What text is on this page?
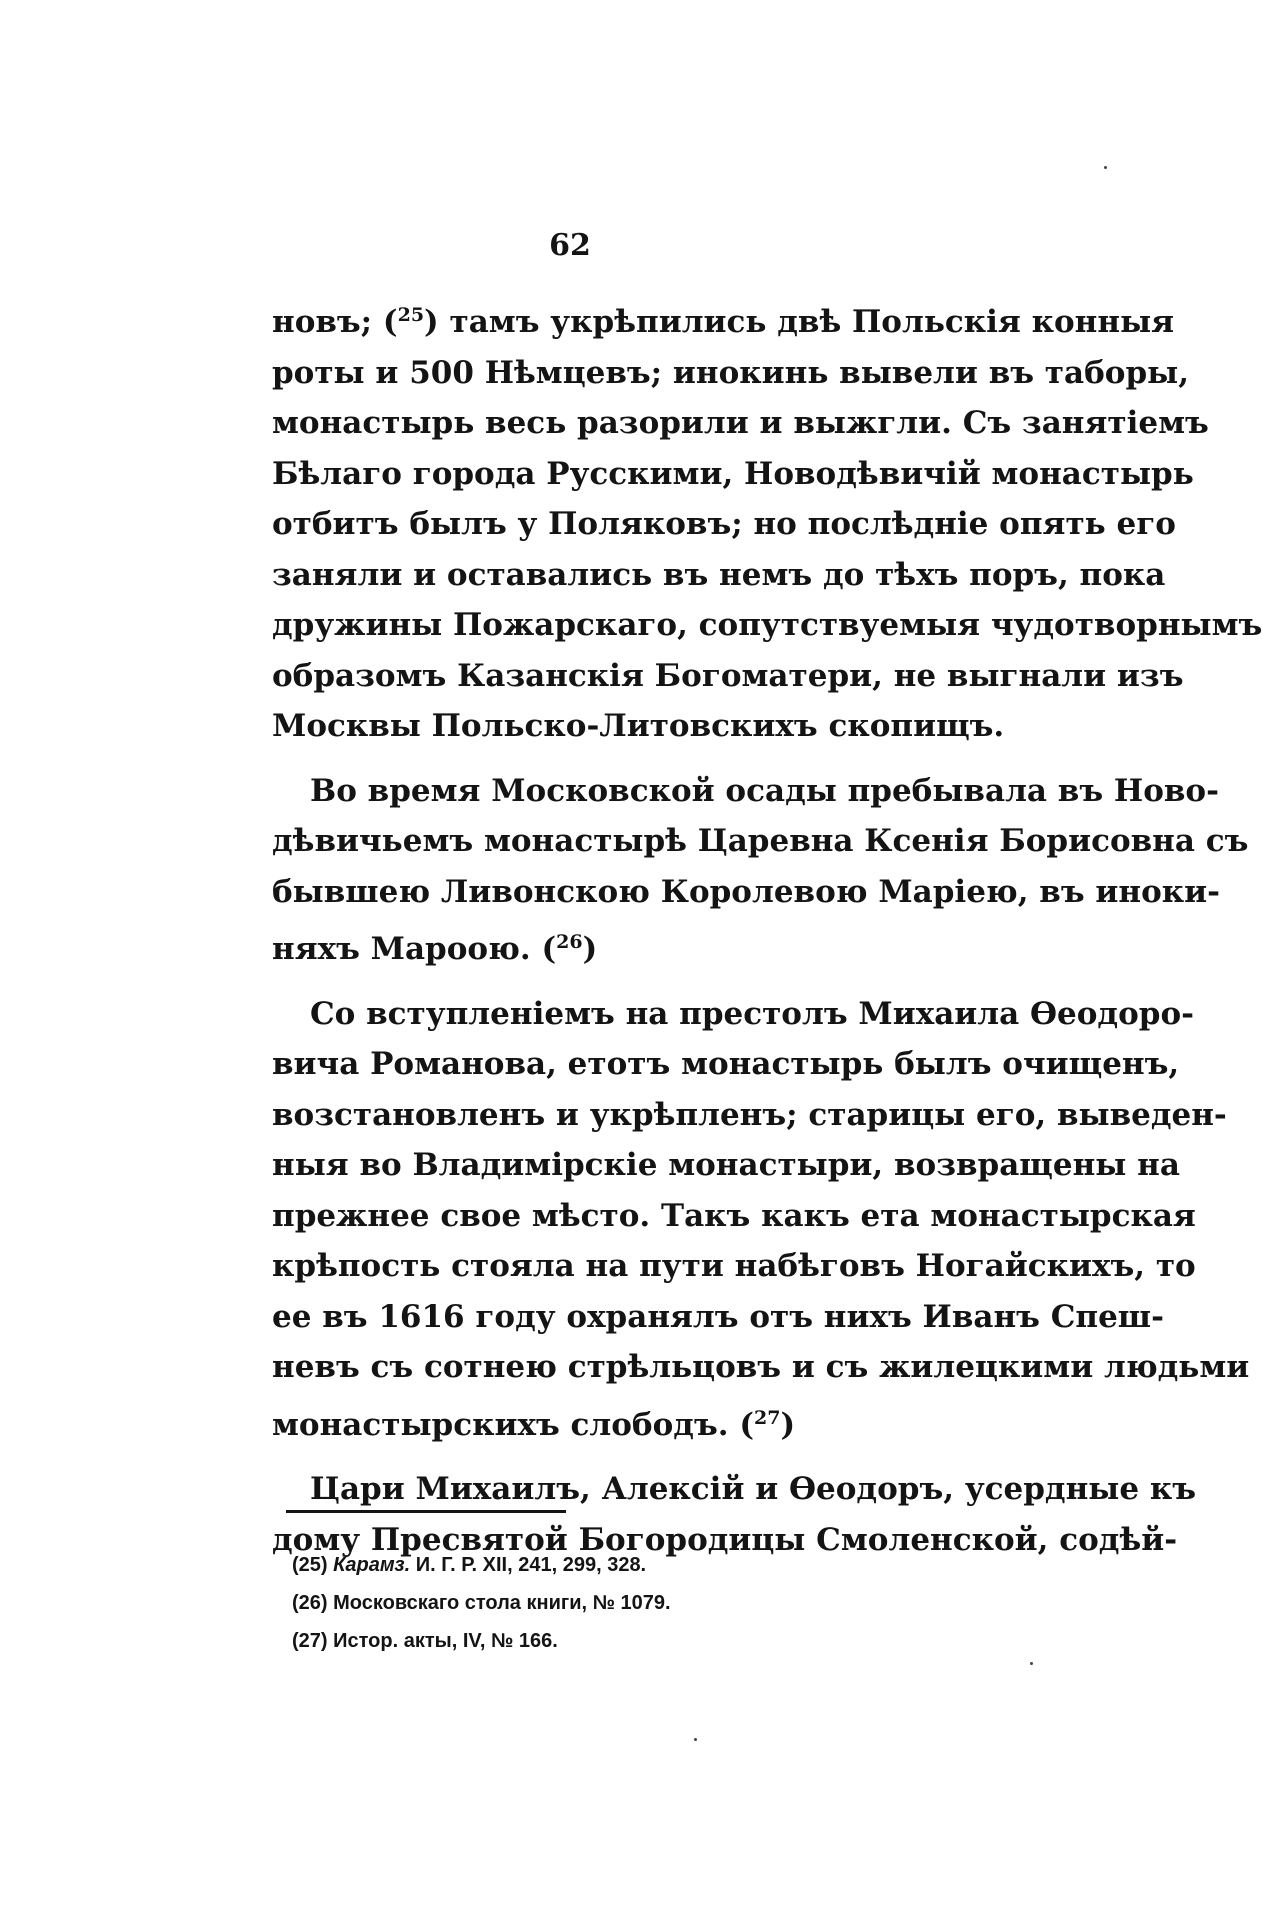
62

новъ; ($^{25}$) тамъ укрѣпились двѣ Польскія конныя
роты и 500 Нѣмцевъ; инокинь вывели въ таборы,
монастырь весь разорили и выжгли. Съ занятіемъ
Бѣлаго города Русскими, Новодѣвичій монастырь
отбитъ былъ у Поляковъ; но послѣдніе опять его
заняли и оставались въ немъ до тѣхъ поръ, пока
дружины Пожарскаго, сопутствуемыя чудотворнымъ
образомъ Казанскія Богоматери, не выгнали изъ
Москвы Польско-Литовскихъ скопищъ.

Во время Московской осады пребывала въ Ново-
дѣвичьемъ монастырѣ Царевна Ксенія Борисовна съ
бывшею Ливонскою Королевою Маріею, въ иноки-
няхъ Мароою. ($^{26}$)

Со вступленіемъ на престолъ Михаила Ѳеодоро-
вича Романова, етотъ монастырь былъ очищенъ,
возстановленъ и укрѣпленъ; старицы его, выведен-
ныя во Владимірскіе монастыри, возвращены на
прежнее свое мѣсто. Такъ какъ ета монастырская
крѣпость стояла на пути набѣговъ Ногайскихъ, то
ее въ 1616 году охранялъ отъ нихъ Иванъ Спеш-
невъ съ сотнею стрѣльцовъ и съ жилецкими людьми
монастырскихъ слободъ. ($^{27}$)

Цари Михаилъ, Алексій и Ѳеодоръ, усердные къ
дому Пресвятой Богородицы Смоленской, содѣй-

(25) Карамз. И. Г. Р. XII, 241, 299, 328.
(26) Московскаго стола книги, № 1079.
(27) Истор. акты, IV, № 166.
